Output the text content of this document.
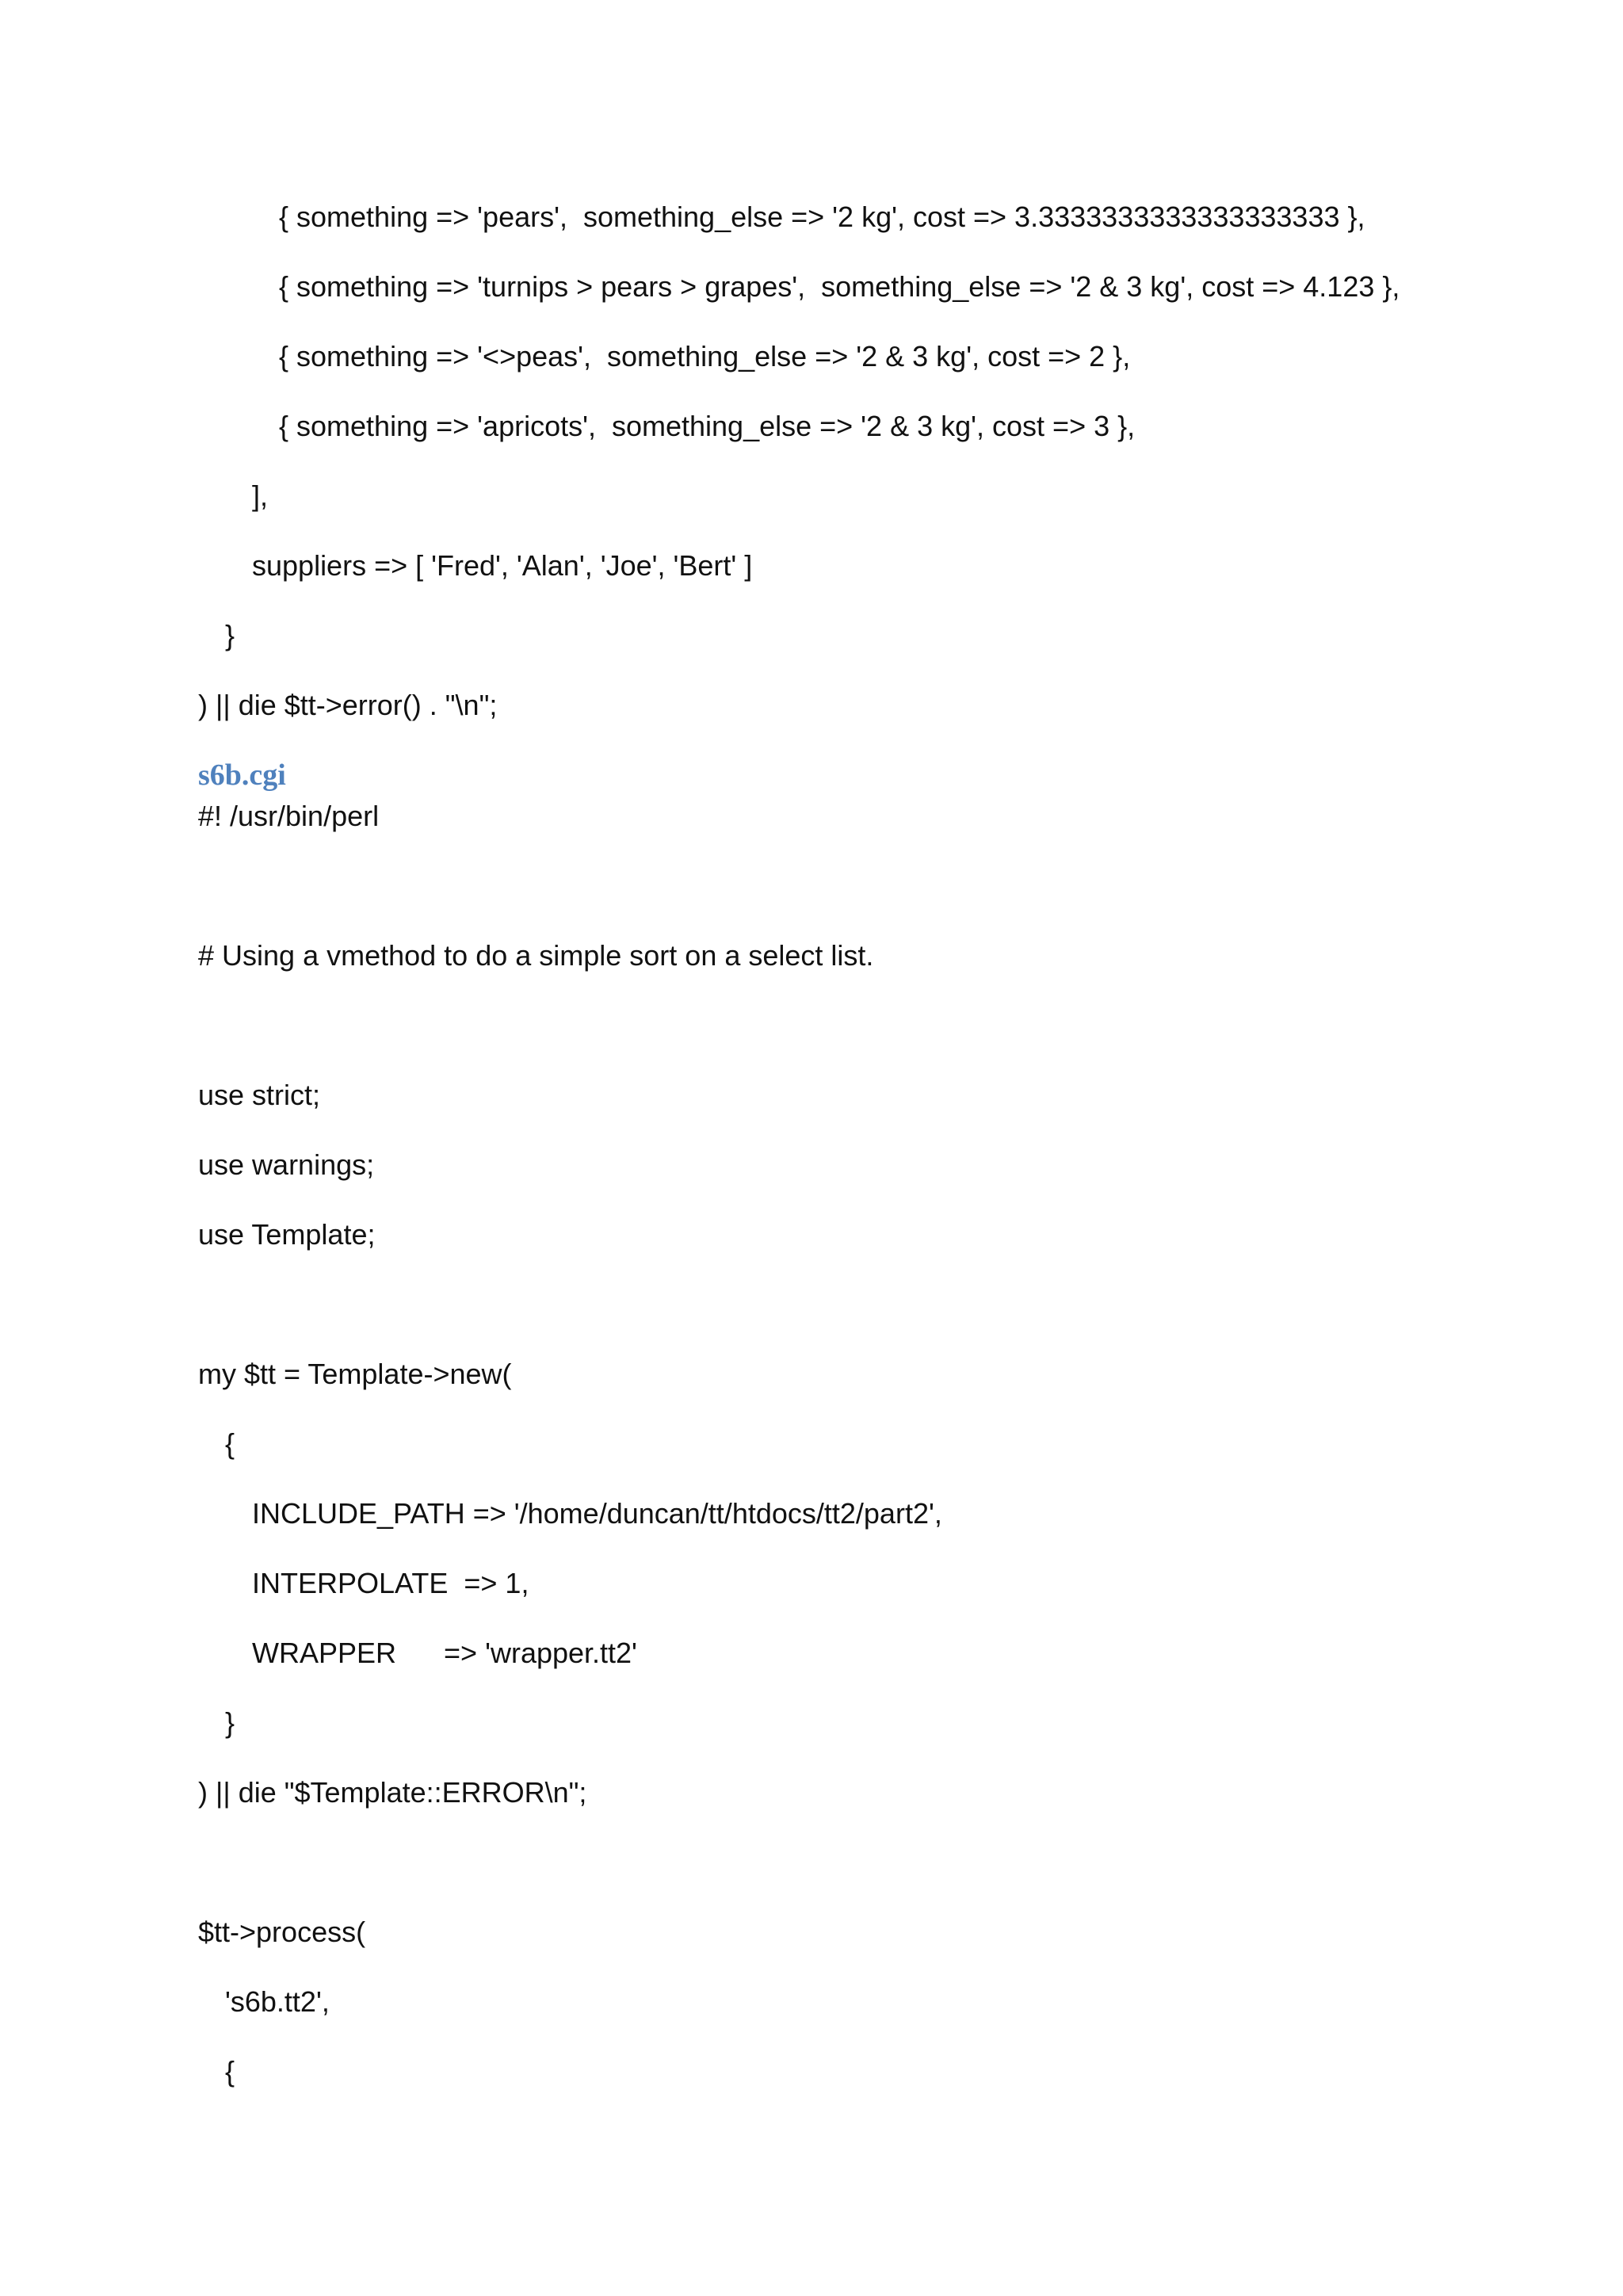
{ something => 'pears',  something_else => '2 kg', cost => 3.3333333333333333333 },
{ something => 'turnips > pears > grapes',  something_else => '2 & 3 kg', cost => 4.123 },
{ something => '<>peas',  something_else => '2 & 3 kg', cost => 2 },
{ something => 'apricots',  something_else => '2 & 3 kg', cost => 3 },
],
suppliers => [ 'Fred', 'Alan', 'Joe', 'Bert' ]
}
) || die $tt->error() . "\n";
s6b.cgi
#! /usr/bin/perl
# Using a vmethod to do a simple sort on a select list.
use strict;
use warnings;
use Template;
my $tt = Template->new(
{
INCLUDE_PATH => '/home/duncan/tt/htdocs/tt2/part2',
INTERPOLATE  => 1,
WRAPPER      => 'wrapper.tt2'
}
) || die "$Template::ERROR\n";
$tt->process(
's6b.tt2',
{
